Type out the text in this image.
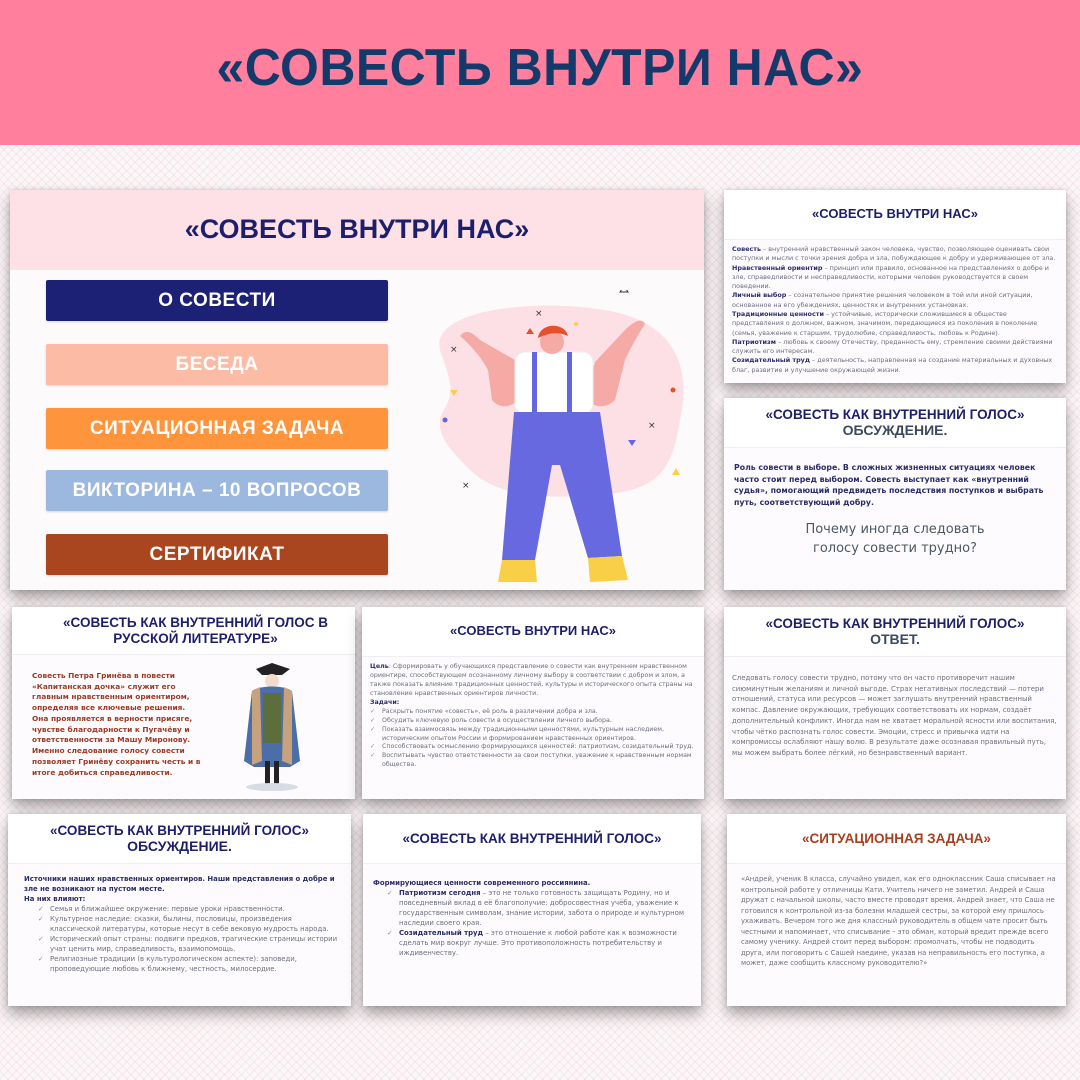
«СОВЕСТЬ ВНУТРИ НАС»
«СОВЕСТЬ ВНУТРИ НАС»
О СОВЕСТИ
БЕСЕДА
СИТУАЦИОННАЯ ЗАДАЧА
ВИКТОРИНА – 10 ВОПРОСОВ
СЕРТИФИКАТ
×
×
×
×
«СОВЕСТЬ ВНУТРИ НАС»

Совесть – внутренний нравственный закон человека, чувство, позволяющее оценивать свои поступки и мысли с точки зрения добра и зла, побуждающее к добру и удерживающее от зла.

Нравственный ориентир – принцип или правило, основанное на представлениях о добре и зле, справедливости и несправедливости, которыми человек руководствуется в своем поведении.

Личный выбор – сознательное принятие решения человеком в той или иной ситуации, основанное на его убеждениях, ценностях и внутренних установках.

Традиционные ценности – устойчивые, исторически сложившиеся в обществе представления о должном, важном, значимом, передающиеся из поколения в поколение (семья, уважение к старшим, трудолюбие, справедливость, любовь к Родине).

Патриотизм – любовь к своему Отечеству, преданность ему, стремление своими действиями служить его интересам.

Созидательный труд – деятельность, направленная на создание материальных и духовных благ, развитие и улучшение окружающей жизни.

«СОВЕСТЬ КАК ВНУТРЕННИЙ ГОЛОС»
ОБСУЖДЕНИЕ.

Роль совести в выборе. В сложных жизненных ситуациях человек часто стоит перед выбором. Совесть выступает как «внутренний судья», помогающий предвидеть последствия поступков и выбрать путь, соответствующий добру.

Почему иногда следовать голосу совести трудно?

«СОВЕСТЬ КАК ВНУТРЕННИЙ ГОЛОС В РУССКОЙ ЛИТЕРАТУРЕ»

Совесть Петра Гринёва в повести «Капитанская дочка» служит его главным нравственным ориентиром, определяя все ключевые решения. Она проявляется в верности присяге, чувстве благодарности к Пугачёву и ответственности за Машу Миронову. Именно следование голосу совести позволяет Гринёву сохранить честь и в итоге добиться справедливости.

«СОВЕСТЬ ВНУТРИ НАС»

Цель: Сформировать у обучающихся представление о совести как внутреннем нравственном ориентире, способствующем осознанному личному выбору в соответствии с добром и злом, а также показать влияние традиционных ценностей, культуры и исторического опыта страны на становление нравственных ориентиров личности.

Задачи:

✓ Раскрыть понятие «совесть», её роль в различении добра и зла.
✓ Обсудить ключевую роль совести в осуществлении личного выбора.
✓ Показать взаимосвязь между традиционными ценностями, культурным наследием, историческим опытом России и формированием нравственных ориентиров.
✓ Способствовать осмыслению формирующихся ценностей: патриотизм, созидательный труд.
✓ Воспитывать чувство ответственности за свои поступки, уважение к нравственным нормам общества.
«СОВЕСТЬ КАК ВНУТРЕННИЙ ГОЛОС»
ОТВЕТ.

Следовать голосу совести трудно, потому что он часто противоречит нашим сиюминутным желаниям и личной выгоде. Страх негативных последствий — потери отношений, статуса или ресурсов — может заглушать внутренний нравственный компас. Давление окружающих, требующих соответствовать их нормам, создаёт дополнительный конфликт. Иногда нам не хватает моральной ясности или воспитания, чтобы чётко распознать голос совести. Эмоции, стресс и привычка идти на компромиссы ослабляют нашу волю. В результате даже осознавая правильный путь, мы можем выбрать более лёгкий, но безнравственный вариант.

«СОВЕСТЬ КАК ВНУТРЕННИЙ ГОЛОС»
ОБСУЖДЕНИЕ.

Источники наших нравственных ориентиров. Наши представления о добре и зле не возникают на пустом месте.

На них влияют:

✓ Семья и ближайшее окружение: первые уроки нравственности.
✓ Культурное наследие: сказки, былины, пословицы, произведения классической литературы, которые несут в себе вековую мудрость народа.
✓ Исторический опыт страны: подвиги предков, трагические страницы истории учат ценить мир, справедливость, взаимопомощь.
✓ Религиозные традиции (в культурологическом аспекте): заповеди, проповедующие любовь к ближнему, честность, милосердие.
«СОВЕСТЬ КАК ВНУТРЕННИЙ ГОЛОС»

Формирующиеся ценности современного россиянина.

✓ Патриотизм сегодня – это не только готовность защищать Родину, но и повседневный вклад в её благополучие: добросовестная учёба, уважение к государственным символам, знание истории, забота о природе и культурном наследии своего края.
✓ Созидательный труд – это отношение к любой работе как к возможности сделать мир вокруг лучше. Это противоположность потребительству и иждивенчеству.
«СИТУАЦИОННАЯ ЗАДАЧА»

«Андрей, ученик 8 класса, случайно увидел, как его одноклассник Саша списывает на контрольной работе у отличницы Кати. Учитель ничего не заметил. Андрей и Саша дружат с начальной школы, часто вместе проводят время. Андрей знает, что Саша не готовился к контрольной из-за болезни младшей сестры, за которой ему пришлось ухаживать. Вечером того же дня классный руководитель в общем чате просит быть честными и напоминает, что списывание – это обман, который вредит прежде всего самому ученику. Андрей стоит перед выбором: промолчать, чтобы не подводить друга, или поговорить с Сашей наедине, указав на неправильность его поступка, а может, даже сообщить классному руководителю?»
